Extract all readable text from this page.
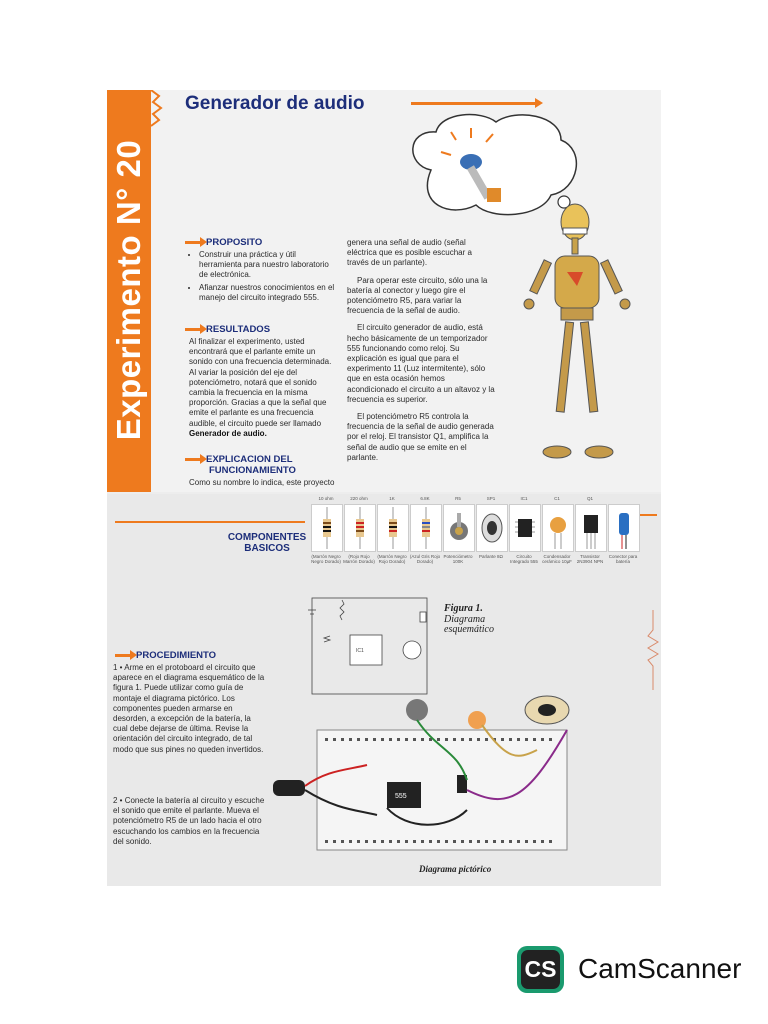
Experimento N° 20
Generador de audio
PROPOSITO
• Construir una práctica y útil herramienta para nuestro laboratorio de electrónica.
• Afianzar nuestros conocimientos en el manejo del circuito integrado 555.
RESULTADOS
Al finalizar el experimento, usted encontrará que el parlante emite un sonido con una frecuencia determinada. Al variar la posición del eje del potenciómetro, notará que el sonido cambia la frecuencia en la misma proporción. Gracias a que la señal que emite el parlante es una frecuencia audible, el circuito puede ser llamado Generador de audio.
EXPLICACION DEL
FUNCIONAMIENTO
Como su nombre lo indica, este proyecto

genera una señal de audio (señal eléctrica que es posible escuchar a través de un parlante).

Para operar este circuito, sólo una la batería al conector y luego gire el potenciómetro R5, para variar la frecuencia de la señal de audio.

El circuito generador de audio, está hecho básicamente de un temporizador 555 funcionando como reloj. Su explicación es igual que para el experimento 11 (Luz intermitente), sólo que en esta ocasión hemos acondicionado el circuito a un altavoz y la frecuencia es superior.

El potenciómetro R5 controla la frecuencia de la señal de audio generada por el reloj. El transistor Q1, amplifica la señal de audio que se emite en el parlante.

COMPONENTES
BASICOS
10 ohm
(Marrón Negro Negro Dorado)
220 ohm
(Rojo Rojo Marrón Dorado)
1K
(Marrón Negro Rojo Dorado)
6.8K
(Azul Gris Rojo Dorado)
R5
Potenciómetro 100K
SP1
Parlante 8Ω
IC1
Circuito Integrado 555
C1
Condensador cerámico 10µF
Q1
Transistor 2N3904 NPN
Conector para batería
IC1
Figura 1.
Diagrama
esquemático
PROCEDIMIENTO
1 • Arme en el protoboard el circuito que aparece en el diagrama esquemático de la figura 1. Puede utilizar como guía de montaje el diagrama pictórico. Los componentes pueden armarse en desorden, a excepción de la batería, la cual debe dejarse de última. Revise la orientación del circuito integrado, de tal modo que sus pines no queden invertidos.
2 • Conecte la batería al circuito y escuche el sonido que emite el parlante. Mueva el potenciómetro R5 de un lado hacia el otro escuchando los cambios en la frecuencia del sonido.
555
Diagrama pictórico
CS CamScanner
